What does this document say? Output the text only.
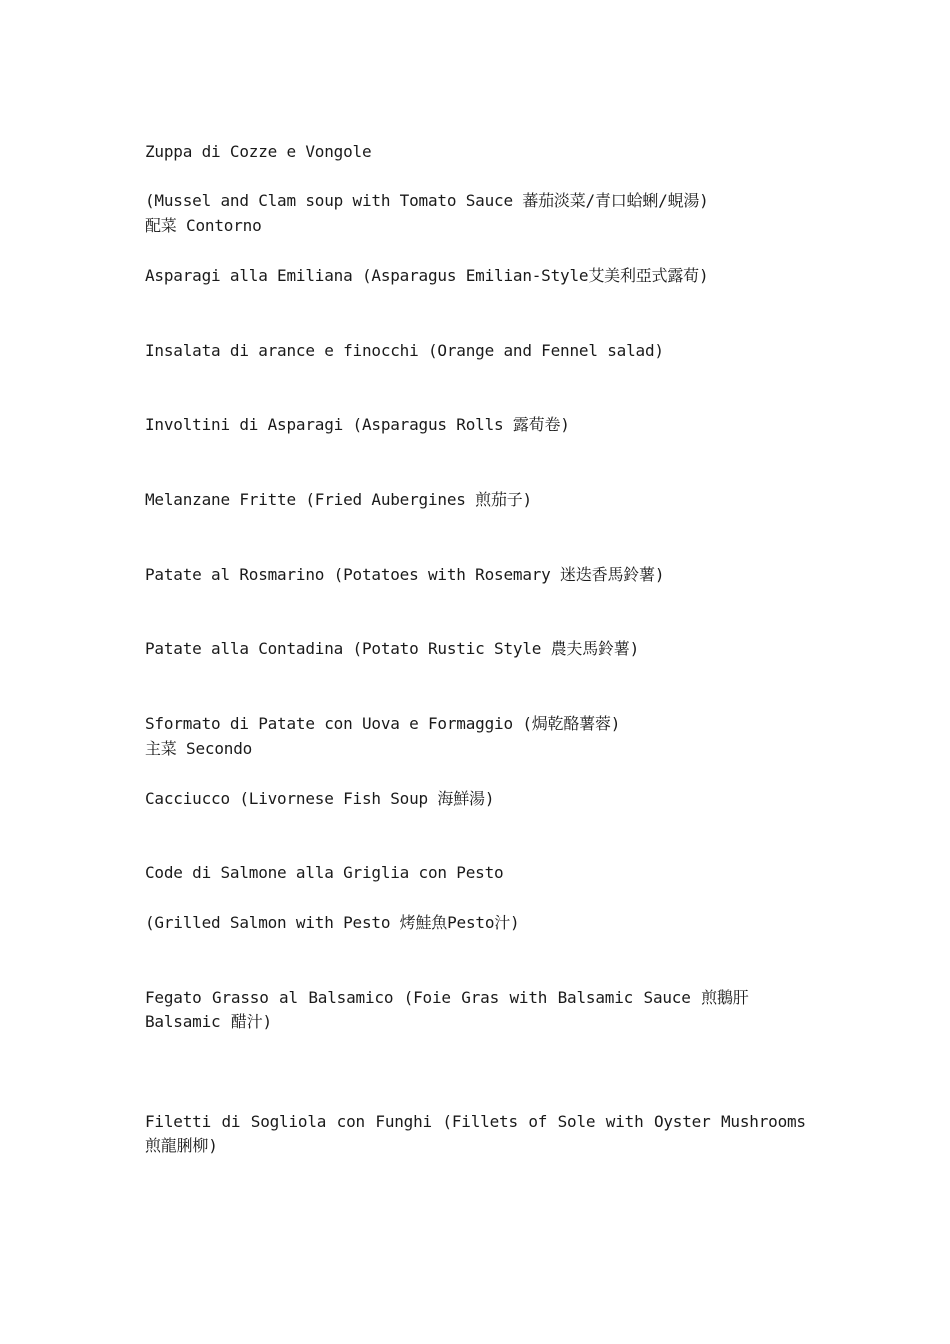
Zuppa di Cozze e Vongole
(Mussel and Clam soup with Tomato Sauce 蕃茄淡菜/青口蛤蜊/蜆湯)
配菜 Contorno
Asparagi alla Emiliana (Asparagus Emilian-Style艾美利亞式露荀)
Insalata di arance e finocchi (Orange and Fennel salad)
Involtini di Asparagi (Asparagus Rolls 露荀卷)
Melanzane Fritte (Fried Aubergines 煎茄子)
Patate al Rosmarino (Potatoes with Rosemary 迷迭香馬鈴薯)
Patate alla Contadina (Potato Rustic Style 農夫馬鈴薯)
Sformato di Patate con Uova e Formaggio (焗乾酪薯蓉)
主菜 Secondo
Cacciucco (Livornese Fish Soup 海鮮湯)
Code di Salmone alla Griglia con Pesto
(Grilled Salmon with Pesto 烤鮭魚Pesto汁)
Fegato Grasso al Balsamico (Foie Gras with Balsamic Sauce 煎鵝肝 Balsamic 醋汁)
Filetti di Sogliola con Funghi (Fillets of Sole with Oyster Mushrooms 煎龍脷柳)
